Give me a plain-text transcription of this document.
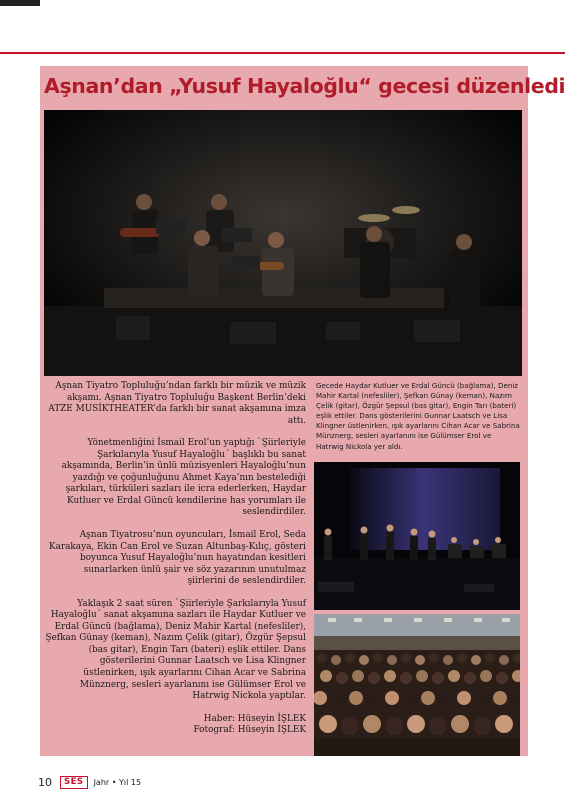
Aşnan’dan „Yusuf Hayaloğlu“ gecesi düzenledi

Aşnan Tiyatro Topluluğu’ndan farklı bir müzik ve müzik akşamı. Aşnan Tiyatro Topluluğu Başkent Berlin’deki ATZE MUSİKTHEATER’da farklı bir sanat akşamına imza attı.

Yönetmenliğini İsmail Erol’un yaptığı `Şiirleriyle Şarkılarıyla Yusuf Hayaloğlu´ başlıklı bu sanat akşamında, Berlin’in ünlü müzisyenleri Hayaloğlu’nun yazdığı ve çoğunluğunu Ahmet Kaya’nın bestelediği şarkıları, türküleri sazları ile icra ederlerken, Haydar Kutluer ve Erdal Güncü kendilerine has yorumları ile seslendirdiler.

Aşnan Tiyatrosu’nun oyuncuları, İsmail Erol, Seda Karakaya, Ekin Can Erol ve Suzan Altunbaş-Kılıç, gösteri boyunca Yusuf Hayaloğlu’nun hayatından kesitleri sunarlarken ünlü şair ve söz yazarının unutulmaz şiirlerini de seslendirdiler.

Yaklaşık 2 saat süren `Şiirleriyle Şarkılarıyla Yusuf Hayaloğlu´ sanat akşamına sazları ile Haydar Kutluer ve Erdal Güncü (bağlama), Deniz Mahir Kartal (nefesliler), Şefkan Günay (keman), Nazım Çelik (gitar), Özgür Şepsul (bas gitar), Engin Tarı (bateri) eşlik ettiler. Dans gösterilerini Gunnar Laatsch ve Lisa Klingner üstlenirken, ışık ayarlarını Cihan Acar ve Sabrina Münznerg, sesleri ayarlanını ise Gülümser Erol ve Hatrwig Nickola yaptılar.

Haber: Hüseyin İŞLEK
Fotograf: Hüseyin İŞLEK
Gecede Haydar Kutluer ve Erdal Güncü (bağlama), Deniz Mahir Kartal (nefesliler), Şefkan Günay (keman), Nazım Çelik (gitar), Özgür Şepsul (bas gitar), Engin Tarı (bateri) eşlik ettiler. Dans gösterilerini Gunnar Laatsch ve Lisa Klingner üstlenirken, ışık ayarlarını Cihan Acar ve Sabrina Münznerg, sesleri ayarlanını ise Gülümser Erol ve Hatrwig Nickola yer aldı.
10	SES	Jahr • Yıl 15
